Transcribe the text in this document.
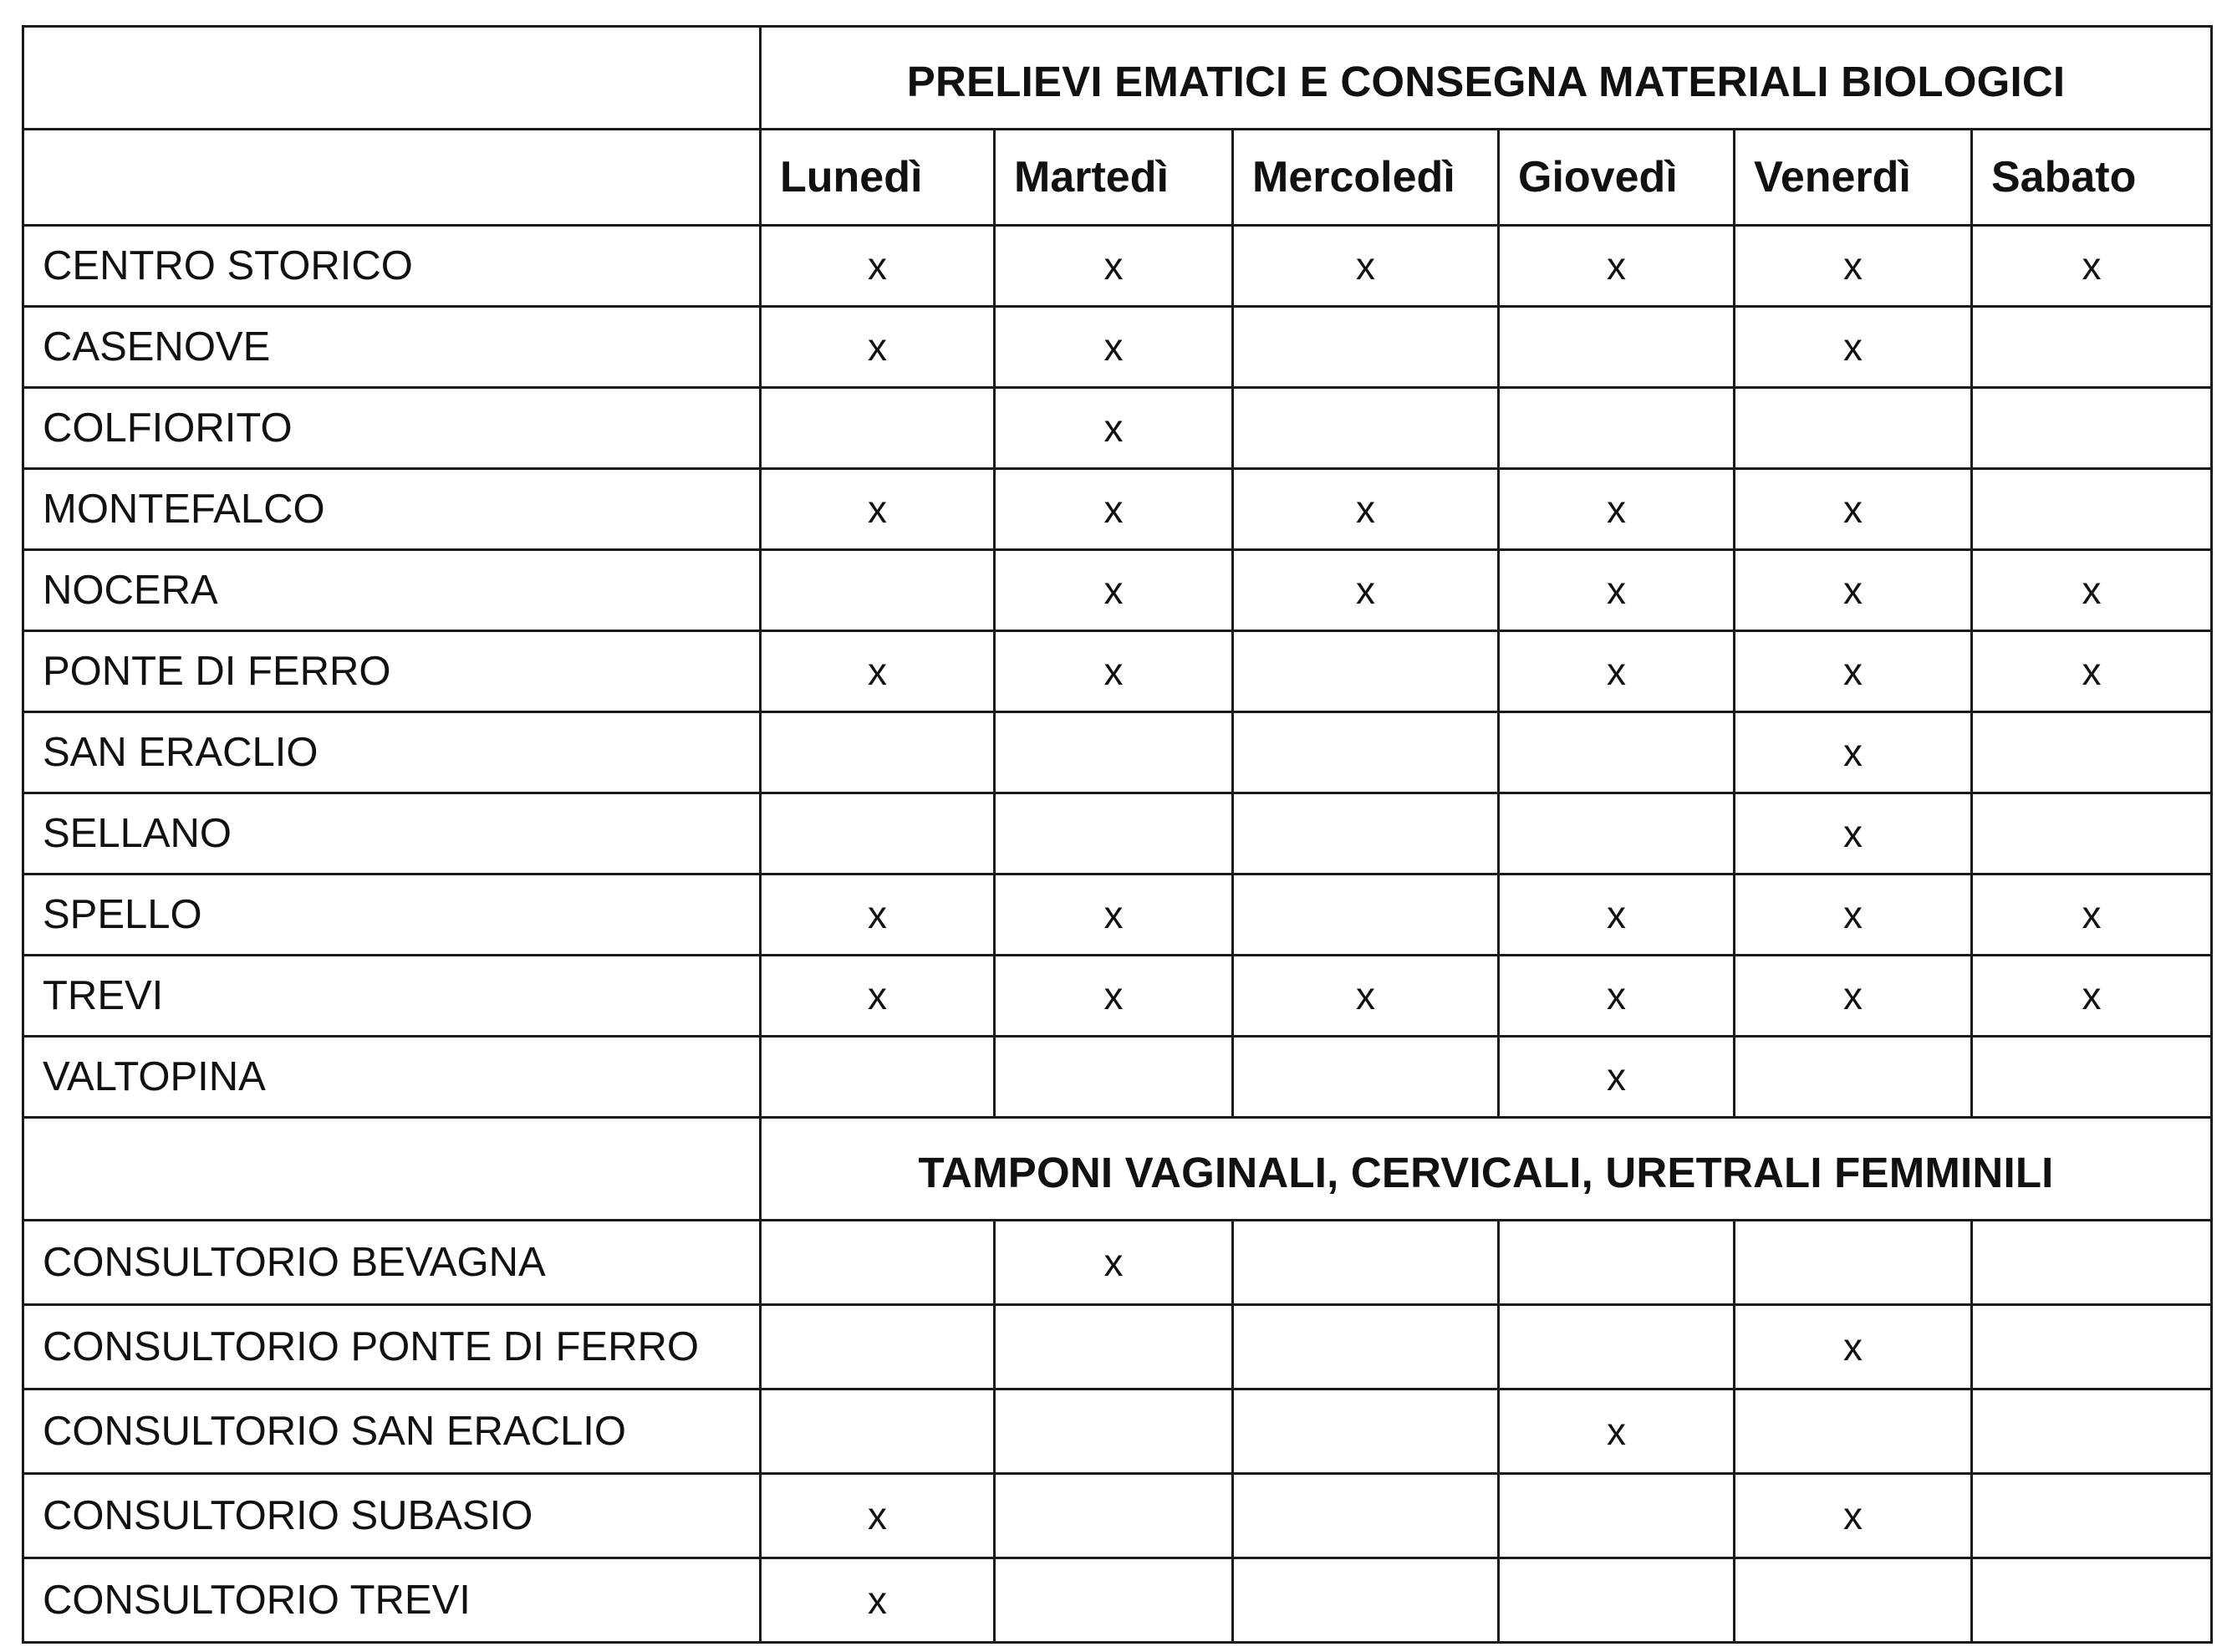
	PRELIEVI EMATICI E CONSEGNA MATERIALI BIOLOGICI					
	Lunedì	Martedì	Mercoledì	Giovedì	Venerdì	Sabato
CENTRO STORICO	x	x	x	x	x	x
CASENOVE	x	x			x	
COLFIORITO		x				
MONTEFALCO	x	x	x	x	x	
NOCERA		x	x	x	x	x
PONTE DI FERRO	x	x		x	x	x
SAN ERACLIO					x	
SELLANO					x	
SPELLO	x	x		x	x	x
TREVI	x	x	x	x	x	x
VALTOPINA				x		
	TAMPONI VAGINALI, CERVICALI, URETRALI FEMMINILI					
CONSULTORIO BEVAGNA		x				
CONSULTORIO PONTE DI FERRO					x	
CONSULTORIO SAN ERACLIO				x		
CONSULTORIO SUBASIO	x				x	
CONSULTORIO TREVI	x					
